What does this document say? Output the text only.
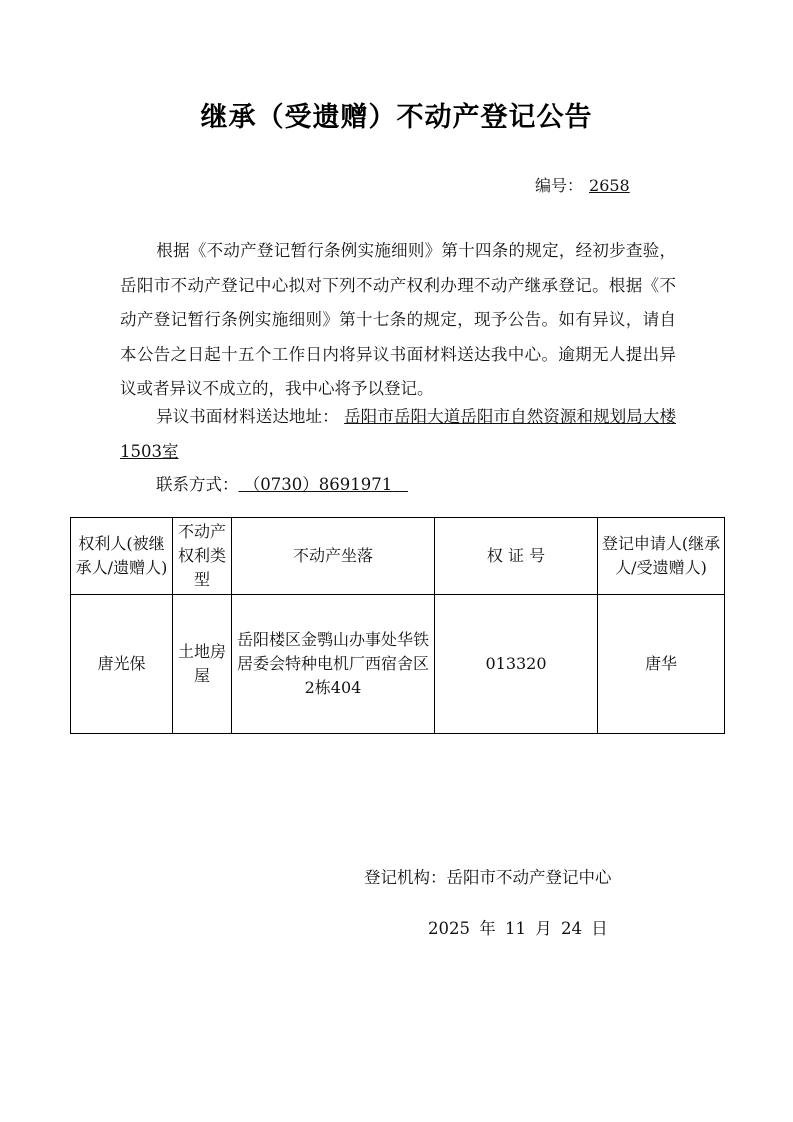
继承（受遗赠）不动产登记公告
编号： 2658
根据《不动产登记暂行条例实施细则》第十四条的规定，经初步查验，岳阳市不动产登记中心拟对下列不动产权利办理不动产继承登记。根据《不动产登记暂行条例实施细则》第十七条的规定，现予公告。如有异议，请自本公告之日起十五个工作日内将异议书面材料送达我中心。逾期无人提出异议或者异议不成立的，我中心将予以登记。
异议书面材料送达地址： 岳阳市岳阳大道岳阳市自然资源和规划局大楼1503室
联系方式： （0730）8691971
权利人(被继承人/遗赠人)	不动产权利类型	不动产坐落	权 证 号	登记申请人(继承人/受遗赠人)
唐光保	土地房屋	岳阳楼区金鹗山办事处华铁居委会特种电机厂西宿舍区2栋404	013320	唐华
登记机构：岳阳市不动产登记中心
2025 年 11 月 24 日
